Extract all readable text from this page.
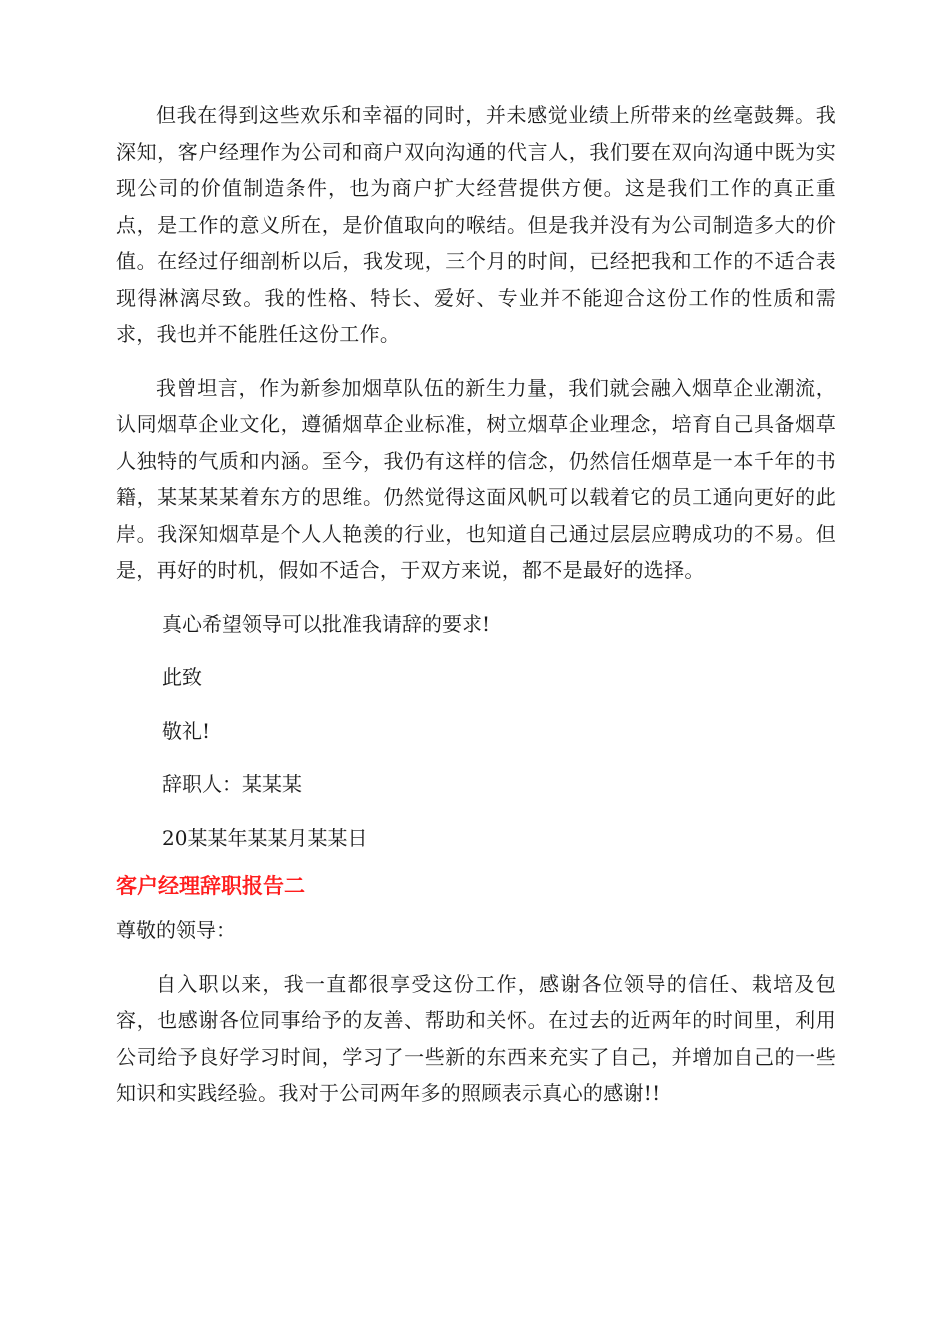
但我在得到这些欢乐和幸福的同时，并未感觉业绩上所带来的丝毫鼓舞。我深知，客户经理作为公司和商户双向沟通的代言人，我们要在双向沟通中既为实现公司的价值制造条件，也为商户扩大经营提供方便。这是我们工作的真正重点，是工作的意义所在，是价值取向的喉结。但是我并没有为公司制造多大的价值。在经过仔细剖析以后，我发现，三个月的时间，已经把我和工作的不适合表现得淋漓尽致。我的性格、特长、爱好、专业并不能迎合这份工作的性质和需求，我也并不能胜任这份工作。

我曾坦言，作为新参加烟草队伍的新生力量，我们就会融入烟草企业潮流，认同烟草企业文化，遵循烟草企业标准，树立烟草企业理念，培育自己具备烟草人独特的气质和内涵。至今，我仍有这样的信念，仍然信任烟草是一本千年的书籍，某某某某着东方的思维。仍然觉得这面风帆可以载着它的员工通向更好的此岸。我深知烟草是个人人艳羡的行业，也知道自己通过层层应聘成功的不易。但是，再好的时机，假如不适合，于双方来说，都不是最好的选择。

真心希望领导可以批准我请辞的要求!

此致

敬礼!

辞职人：某某某

20某某年某某月某某日

客户经理辞职报告二

尊敬的领导：

自入职以来，我一直都很享受这份工作，感谢各位领导的信任、栽培及包容，也感谢各位同事给予的友善、帮助和关怀。在过去的近两年的时间里，利用公司给予良好学习时间，学习了一些新的东西来充实了自己，并增加自己的一些知识和实践经验。我对于公司两年多的照顾表示真心的感谢!!
